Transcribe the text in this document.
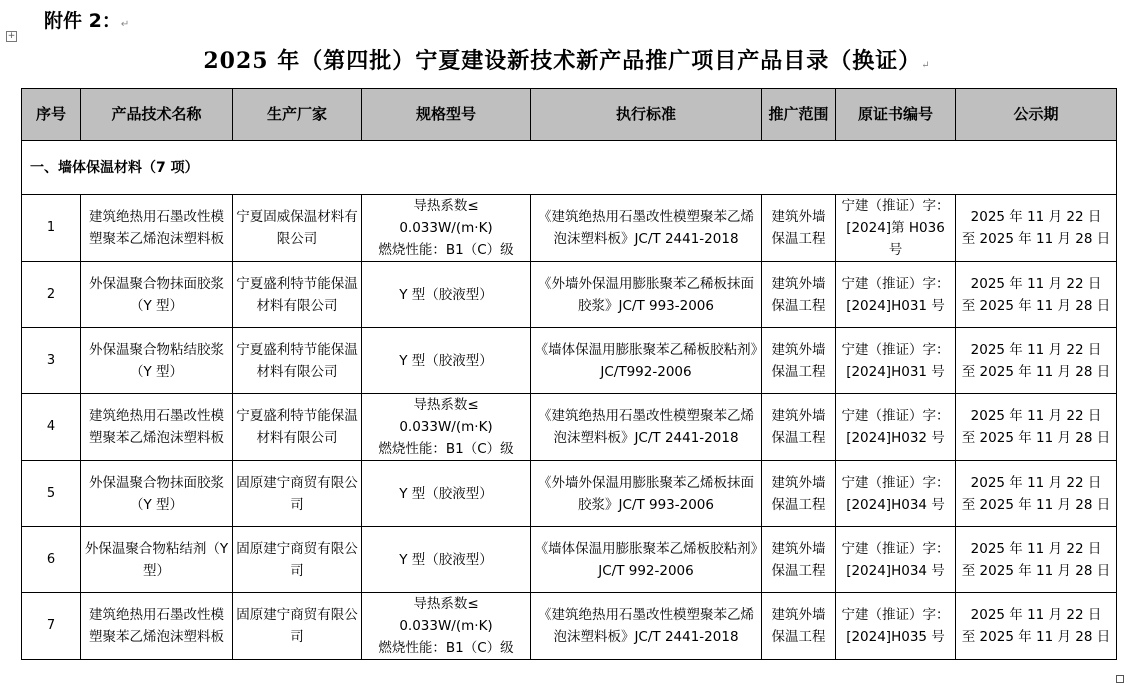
附件 2：↵
+
2025 年（第四批）宁夏建设新技术新产品推广项目产品目录（换证）↵
序号	产品技术名称	生产厂家	规格型号	执行标准	推广范围	原证书编号	公示期
一、墙体保温材料（7 项）							
1	建筑绝热用石墨改性模塑聚苯乙烯泡沫塑料板	宁夏固威保温材料有限公司	导热系数≤
0.033W/(m·K)
燃烧性能：B1（C）级	《建筑绝热用石墨改性模塑聚苯乙烯泡沫塑料板》JC/T 2441-2018	建筑外墙保温工程	宁建（推证）字：
[2024]第 H036 号	2025 年 11 月 22 日
至 2025 年 11 月 28 日
2	外保温聚合物抹面胶浆（Y 型）	宁夏盛利特节能保温材料有限公司	Y 型（胶液型）	《外墙外保温用膨胀聚苯乙稀板抹面胶浆》JC/T 993-2006	建筑外墙保温工程	宁建（推证）字：
[2024]H031 号	2025 年 11 月 22 日
至 2025 年 11 月 28 日
3	外保温聚合物粘结胶浆（Y 型）	宁夏盛利特节能保温材料有限公司	Y 型（胶液型）	《墙体保温用膨胀聚苯乙稀板胶粘剂》JC/T992-2006	建筑外墙保温工程	宁建（推证）字：
[2024]H031 号	2025 年 11 月 22 日
至 2025 年 11 月 28 日
4	建筑绝热用石墨改性模塑聚苯乙烯泡沫塑料板	宁夏盛利特节能保温材料有限公司	导热系数≤
0.033W/(m·K)
燃烧性能：B1（C）级	《建筑绝热用石墨改性模塑聚苯乙烯泡沫塑料板》JC/T 2441-2018	建筑外墙保温工程	宁建（推证）字：
[2024]H032 号	2025 年 11 月 22 日
至 2025 年 11 月 28 日
5	外保温聚合物抹面胶浆（Y 型）	固原建宁商贸有限公司	Y 型（胶液型）	《外墙外保温用膨胀聚苯乙烯板抹面胶浆》JC/T 993-2006	建筑外墙保温工程	宁建（推证）字：
[2024]H034 号	2025 年 11 月 22 日
至 2025 年 11 月 28 日
6	外保温聚合物粘结剂（Y 型）	固原建宁商贸有限公司	Y 型（胶液型）	《墙体保温用膨胀聚苯乙烯板胶粘剂》JC/T 992-2006	建筑外墙保温工程	宁建（推证）字：
[2024]H034 号	2025 年 11 月 22 日
至 2025 年 11 月 28 日
7	建筑绝热用石墨改性模塑聚苯乙烯泡沫塑料板	固原建宁商贸有限公司	导热系数≤
0.033W/(m·K)
燃烧性能：B1（C）级	《建筑绝热用石墨改性模塑聚苯乙烯泡沫塑料板》JC/T 2441-2018	建筑外墙保温工程	宁建（推证）字：
[2024]H035 号	2025 年 11 月 22 日
至 2025 年 11 月 28 日
